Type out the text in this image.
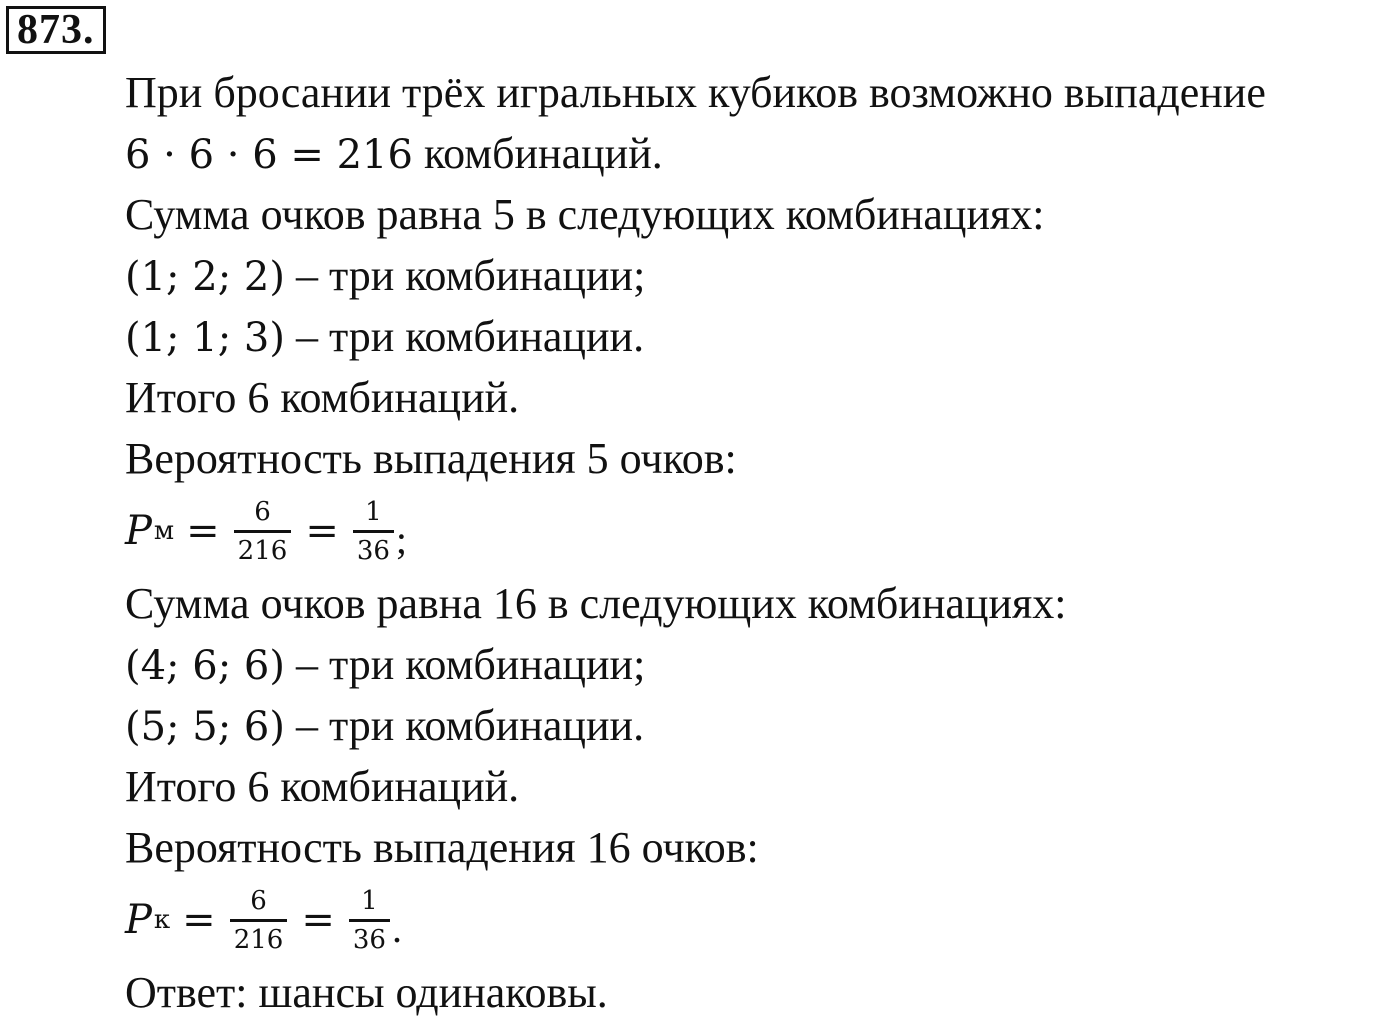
873.
При бросании трёх игральных кубиков возможно выпадение
6 · 6 · 6 = 216 комбинаций.
Сумма очков равна 5 в следующих комбинациях:
(1; 2; 2) – три комбинации;
(1; 1; 3) – три комбинации.
Итого 6 комбинаций.
Вероятность выпадения 5 очков:
P $м = \frac{6}{216} = \frac{1}{36}$ ;
Сумма очков равна 16 в следующих комбинациях:
(4; 6; 6) – три комбинации;
(5; 5; 6) – три комбинации.
Итого 6 комбинаций.
Вероятность выпадения 16 очков:
P $к = \frac{6}{216} = \frac{1}{36}$ .
Ответ: шансы одинаковы.
